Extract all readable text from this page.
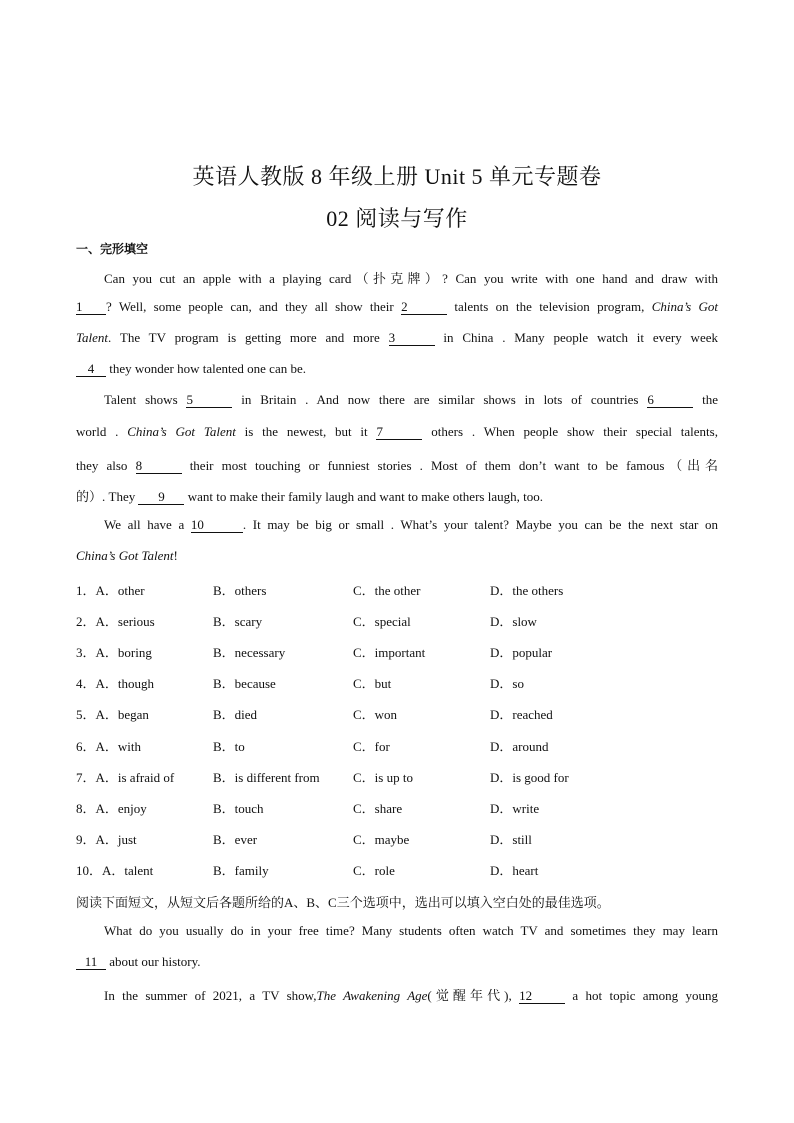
英语人教版 8 年级上册 Unit 5 单元专题卷
02 阅读与写作
一、完形填空
Can you cut an apple with a playing card（扑克牌）? Can you write with one hand and draw with
1 ? Well, some people can, and they all show their 2	talents on the television program, China’s Got
Talent. The TV program is getting more and more 3	in China . Many people watch it every week
4 they wonder how talented one can be.
Talent shows 5	in Britain . And now there are similar shows in lots of countries 6	the
world . China’s Got Talent is the newest, but it 7	others . When people show their special talents,
they also 8	their most touching or funniest stories . Most of them don’t want to be famous（出名
的）. They 9 want to make their family laugh and want to make others laugh, too.
We all have a 10	. It may be big or small . What’s your talent? Maybe you can be the next star on
China’s Got Talent!
1．A．other	B．others	C．the other	D．the others
2．A．serious	B．scary	C．special	D．slow
3．A．boring	B．necessary	C．important	D．popular
4．A．though	B．because	C．but	D．so
5．A．began	B．died	C．won	D．reached
6．A．with	B．to	C．for	D．around
7．A．is afraid of	B．is different from	C．is up to	D．is good for
8．A．enjoy	B．touch	C．share	D．write
9．A．just	B．ever	C．maybe	D．still
10．A．talent	B．family	C．role	D．heart
阅读下面短文，从短文后各题所给的A、B、C三个选项中，选出可以填入空白处的最佳选项。
What do you usually do in your free time? Many students often watch TV and sometimes they may learn
11 about our history.
In the summer of 2021, a TV show,The Awakening Age(觉醒年代), 12	a hot topic among young
